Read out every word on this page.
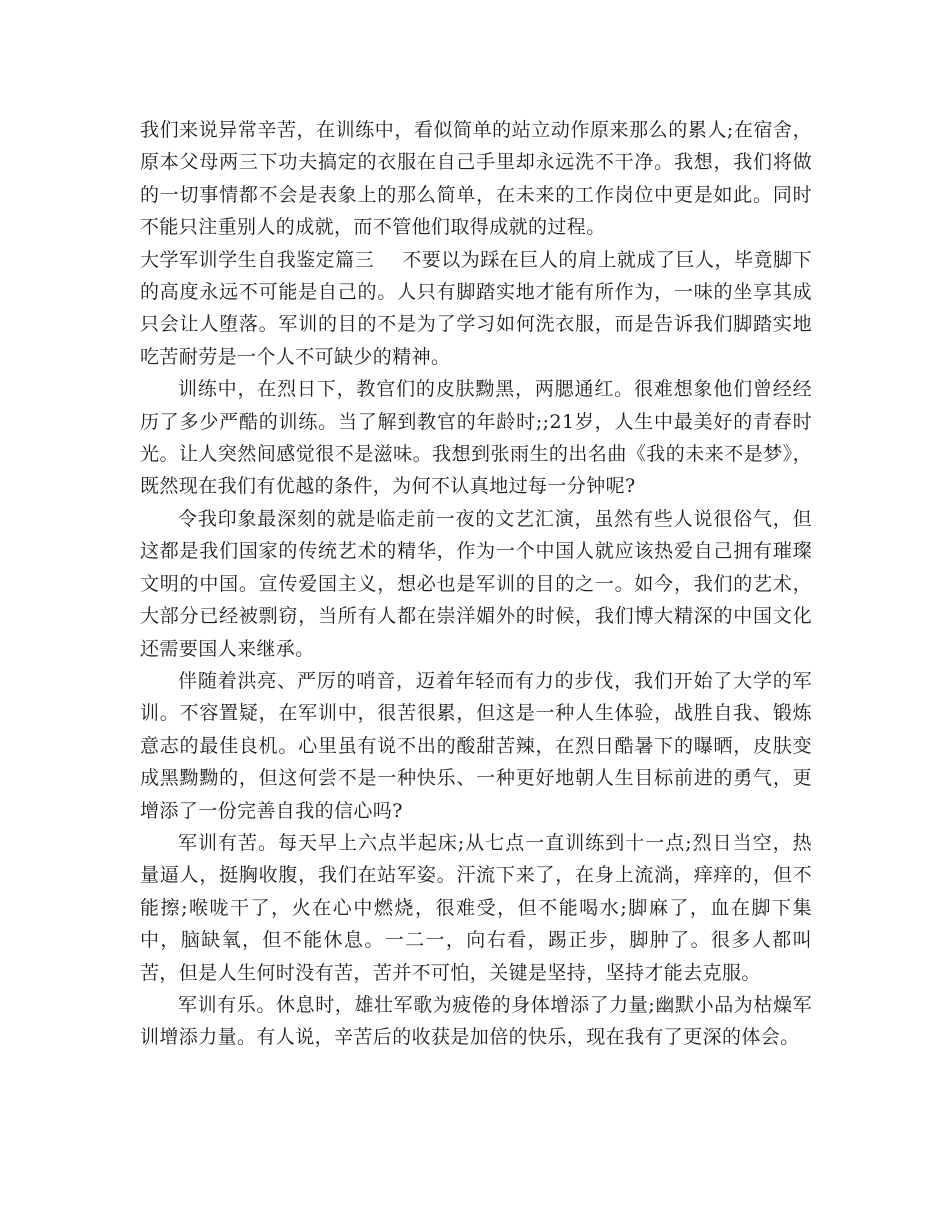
我们来说异常辛苦，在训练中，看似简单的站立动作原来那么的累人;在宿舍，原本父母两三下功夫搞定的衣服在自己手里却永远洗不干净。我想，我们将做的一切事情都不会是表象上的那么简单，在未来的工作岗位中更是如此。同时不能只注重别人的成就，而不管他们取得成就的过程。

大学军训学生自我鉴定篇三 不要以为踩在巨人的肩上就成了巨人，毕竟脚下的高度永远不可能是自己的。人只有脚踏实地才能有所作为，一味的坐享其成只会让人堕落。军训的目的不是为了学习如何洗衣服，而是告诉我们脚踏实地吃苦耐劳是一个人不可缺少的精神。

训练中，在烈日下，教官们的皮肤黝黑，两腮通红。很难想象他们曾经经历了多少严酷的训练。当了解到教官的年龄时;;21岁，人生中最美好的青春时光。让人突然间感觉很不是滋味。我想到张雨生的出名曲《我的未来不是梦》，既然现在我们有优越的条件，为何不认真地过每一分钟呢?

令我印象最深刻的就是临走前一夜的文艺汇演，虽然有些人说很俗气，但这都是我们国家的传统艺术的精华，作为一个中国人就应该热爱自己拥有璀璨文明的中国。宣传爱国主义，想必也是军训的目的之一。如今，我们的艺术，大部分已经被剽窃，当所有人都在崇洋媚外的时候，我们博大精深的中国文化还需要国人来继承。

伴随着洪亮、严厉的哨音，迈着年轻而有力的步伐，我们开始了大学的军训。不容置疑，在军训中，很苦很累，但这是一种人生体验，战胜自我、锻炼意志的最佳良机。心里虽有说不出的酸甜苦辣，在烈日酷暑下的曝晒，皮肤变成黑黝黝的，但这何尝不是一种快乐、一种更好地朝人生目标前进的勇气，更增添了一份完善自我的信心吗?

军训有苦。每天早上六点半起床;从七点一直训练到十一点;烈日当空，热量逼人，挺胸收腹，我们在站军姿。汗流下来了，在身上流淌，痒痒的，但不能擦;喉咙干了，火在心中燃烧，很难受，但不能喝水;脚麻了，血在脚下集中，脑缺氧，但不能休息。一二一，向右看，踢正步，脚肿了。很多人都叫苦，但是人生何时没有苦，苦并不可怕，关键是坚持，坚持才能去克服。

军训有乐。休息时，雄壮军歌为疲倦的身体增添了力量;幽默小品为枯燥军训增添力量。有人说，辛苦后的收获是加倍的快乐，现在我有了更深的体会。
